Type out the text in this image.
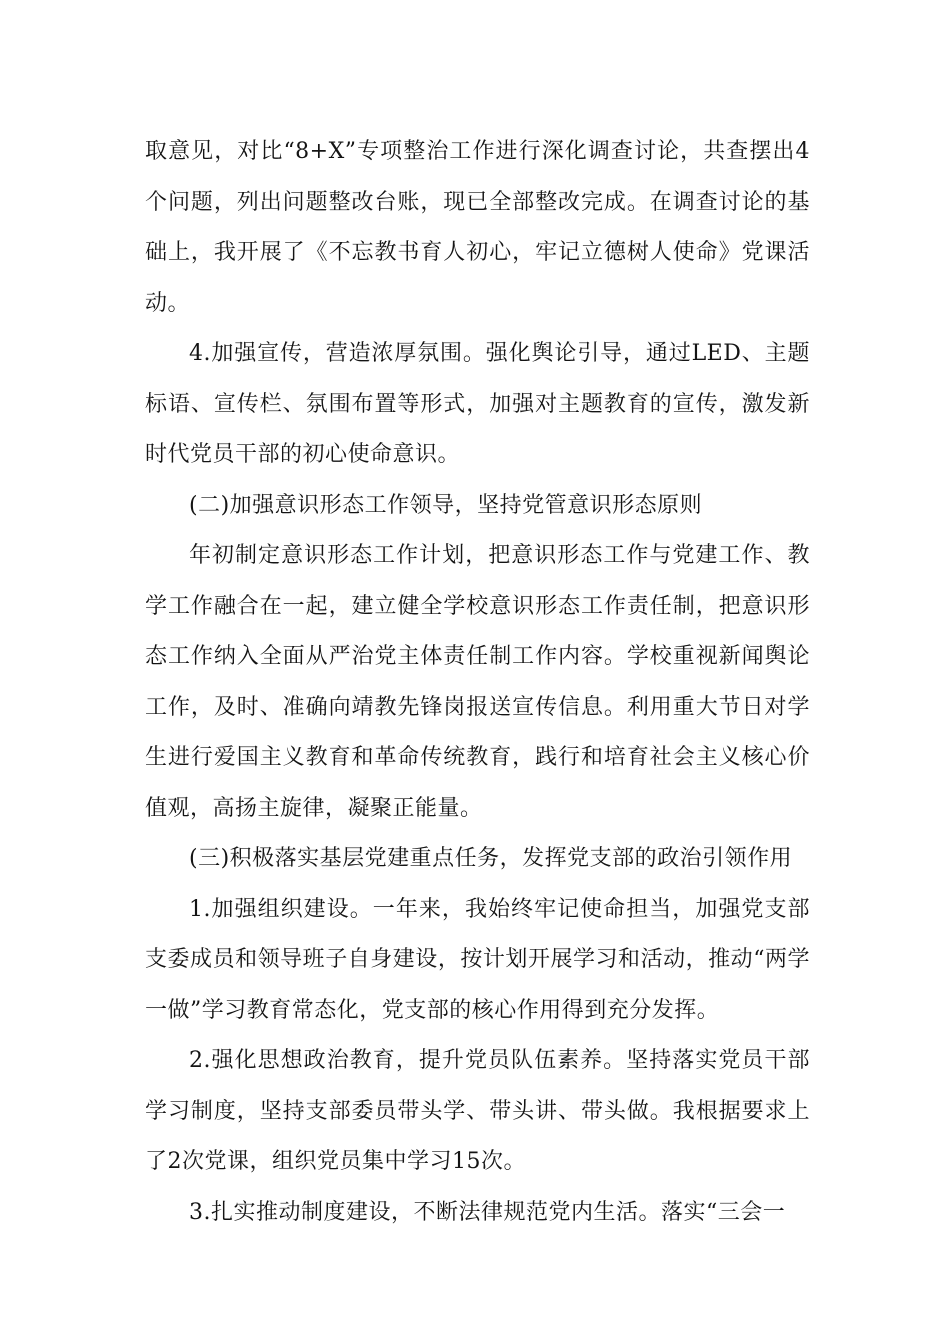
取意见，对比“8+X”专项整治工作进行深化调查讨论，共查摆出4个问题，列出问题整改台账，现已全部整改完成。在调查讨论的基础上，我开展了《不忘教书育人初心，牢记立德树人使命》党课活动。

4.加强宣传，营造浓厚氛围。强化舆论引导，通过LED、主题标语、宣传栏、氛围布置等形式，加强对主题教育的宣传，激发新时代党员干部的初心使命意识。

(二)加强意识形态工作领导，坚持党管意识形态原则

年初制定意识形态工作计划，把意识形态工作与党建工作、教学工作融合在一起，建立健全学校意识形态工作责任制，把意识形态工作纳入全面从严治党主体责任制工作内容。学校重视新闻舆论工作，及时、准确向靖教先锋岗报送宣传信息。利用重大节日对学生进行爱国主义教育和革命传统教育，践行和培育社会主义核心价值观，高扬主旋律，凝聚正能量。

(三)积极落实基层党建重点任务，发挥党支部的政治引领作用

1.加强组织建设。一年来，我始终牢记使命担当，加强党支部支委成员和领导班子自身建设，按计划开展学习和活动，推动“两学一做”学习教育常态化，党支部的核心作用得到充分发挥。

2.强化思想政治教育，提升党员队伍素养。坚持落实党员干部学习制度，坚持支部委员带头学、带头讲、带头做。我根据要求上了2次党课，组织党员集中学习15次。

3.扎实推动制度建设，不断法律规范党内生活。落实“三会一
